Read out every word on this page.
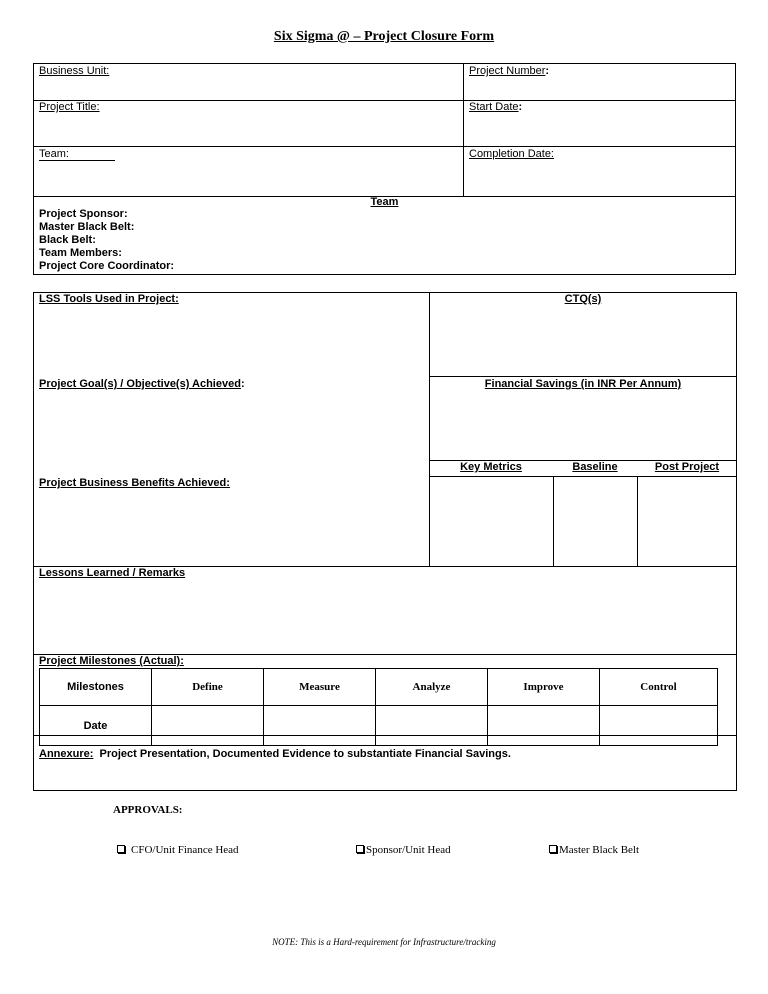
Six Sigma @ – Project Closure Form
Business Unit:	Project Number:
Project Title:	Start Date:
Team:	Completion Date:
Team
Project Sponsor:
Master Black Belt:
Black Belt:
Team Members:
Project Core Coordinator:
LSS Tools Used in Project:	CTQ(s)
Project Goal(s) / Objective(s) Achieved:	Financial Savings (in INR Per Annum)
Key Metrics	Baseline	Post Project
Project Business Benefits Achieved:
Lessons Learned / Remarks
Project Milestones (Actual):
Milestones	Define	Measure	Analyze	Improve	Control
Date					
Annexure: Project Presentation, Documented Evidence to substantiate Financial Savings.
APPROVALS:
CFO/Unit Finance Head	Sponsor/Unit Head	Master Black Belt
NOTE: This is a Hard-requirement for Infrastructure/tracking
